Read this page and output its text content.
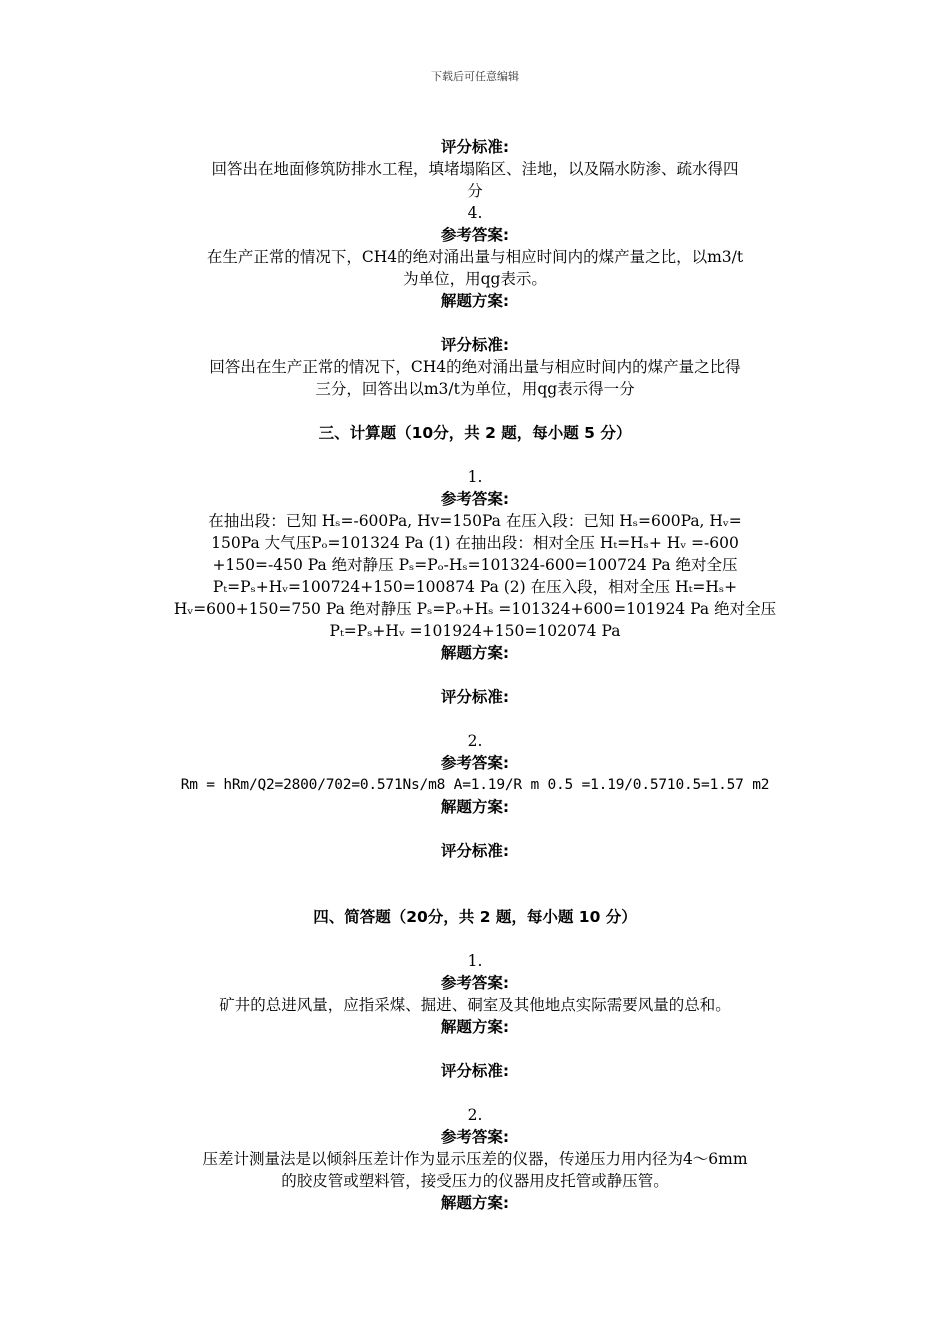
下载后可任意编辑
评分标准:
回答出在地面修筑防排水工程，填堵塌陷区、洼地，以及隔水防渗、疏水得四
分
4.
参考答案:
在生产正常的情况下，CH4的绝对涌出量与相应时间内的煤产量之比，以m3/t
为单位，用qg表示。
解题方案:
评分标准:
回答出在生产正常的情况下，CH4的绝对涌出量与相应时间内的煤产量之比得
三分，回答出以m3/t为单位，用qg表示得一分
三、计算题（10分，共 2 题，每小题 5 分）
1.
参考答案:
在抽出段：已知 Hₛ=-600Pa, Hv=150Pa 在压入段：已知 Hₛ=600Pa, Hᵥ=
150Pa 大气压Pₒ=101324 Pa (1) 在抽出段：相对全压 Hₜ=Hₛ+ Hᵥ =-600
+150=-450 Pa 绝对静压 Pₛ=Pₒ-Hₛ=101324-600=100724 Pa 绝对全压
Pₜ=Pₛ+Hᵥ=100724+150=100874 Pa (2) 在压入段，相对全压 Hₜ=Hₛ+
Hᵥ=600+150=750 Pa 绝对静压 Pₛ=Pₒ+Hₛ =101324+600=101924 Pa 绝对全压
Pₜ=Pₛ+Hᵥ =101924+150=102074 Pa
解题方案:
评分标准:
2.
参考答案:
Rm = hRm/Q2=2800/702=0.571Ns/m8 A=1.19/R m 0.5 =1.19/0.5710.5=1.57 m2
解题方案:
评分标准:
四、简答题（20分，共 2 题，每小题 10 分）
1.
参考答案:
矿井的总进风量，应指采煤、掘进、硐室及其他地点实际需要风量的总和。
解题方案:
评分标准:
2.
参考答案:
压差计测量法是以倾斜压差计作为显示压差的仪器，传递压力用内径为4～6mm
的胶皮管或塑料管，接受压力的仪器用皮托管或静压管。
解题方案:
